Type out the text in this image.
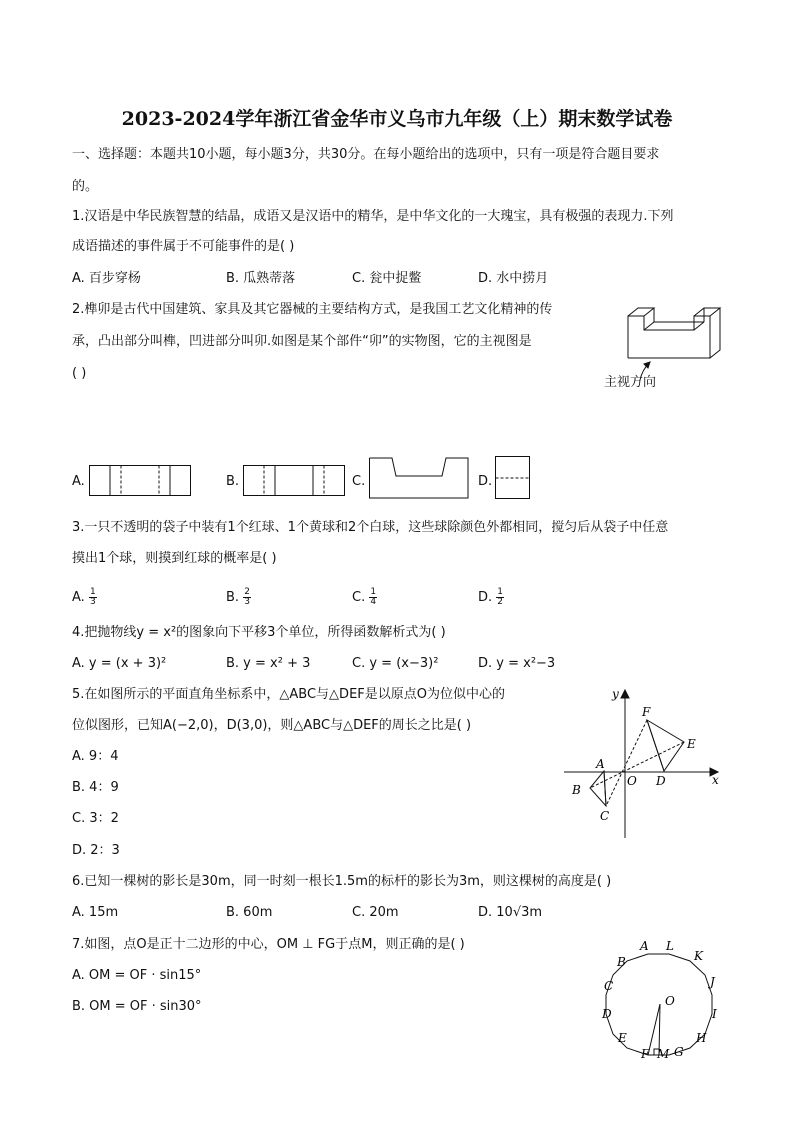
2023-2024学年浙江省金华市义乌市九年级（上）期末数学试卷
一、选择题：本题共10小题，每小题3分，共30分。在每小题给出的选项中，只有一项是符合题目要求
的。
1.汉语是中华民族智慧的结晶，成语又是汉语中的精华，是中华文化的一大瑰宝，具有极强的表现力.下列
成语描述的事件属于不可能事件的是( )
A. 百步穿杨	B. 瓜熟蒂落	C. 瓮中捉鳖	D. 水中捞月
2.榫卯是古代中国建筑、家具及其它器械的主要结构方式，是我国工艺文化精神的传
承，凸出部分叫榫，凹进部分叫卯.如图是某个部件“卯”的实物图，它的主视图是
( )
主视方向
A.	B.	C.	D.
3.一只不透明的袋子中装有1个红球、1个黄球和2个白球，这些球除颜色外都相同，搅匀后从袋子中任意
摸出1个球，则摸到红球的概率是( )
A. $\frac{1}{3}$	B. $\frac{2}{3}$	C. $\frac{1}{4}$	D. $\frac{1}{2}$
4.把抛物线y = x²的图象向下平移3个单位，所得函数解析式为( )
A. y = (x + 3)²	B. y = x² + 3	C. y = (x−3)²	D. y = x²−3
5.在如图所示的平面直角坐标系中，△ABC与△DEF是以原点O为位似中心的
位似图形，已知A(−2,0)，D(3,0)，则△ABC与△DEF的周长之比是( )
A. 9：4
B. 4：9
C. 3：2
D. 2：3
y
x
O
A
B
C
D
E
F
6.已知一棵树的影长是30m，同一时刻一根长1.5m的标杆的影长为3m，则这棵树的高度是( )
A. 15m	B. 60m	C. 20m	D. 10√3m
7.如图，点O是正十二边形的中心，OM ⊥ FG于点M，则正确的是( )
A. OM = OF · sin15°
B. OM = OF · sin30°
A L
K
J
I
H
G
M
F
E
D
C
B
O
